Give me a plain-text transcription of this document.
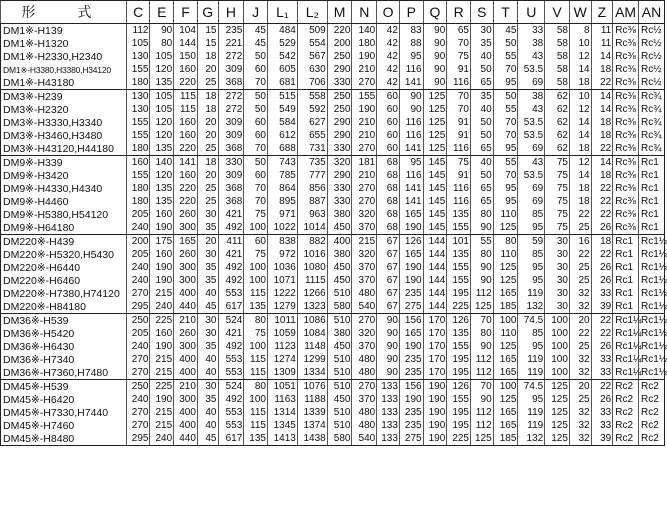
形　式	C	E	F	G	H	J	L₁	L₂	M	N	O	P	Q	R	S	T	U	V	W	Z	AM	AN
DM1※-H139	112	90	104	15	235	45	484	509	220	140	42	83	90	65	30	45	33	58	8	11	Rc⅜	Rc½
DM1※-H1320	105	80	144	15	221	45	529	554	200	180	42	88	90	70	35	50	38	58	10	11	Rc⅜	Rc½
DM1※-H2330,H2340	130	105	150	18	272	50	542	567	250	190	42	95	90	75	40	55	43	58	12	14	Rc⅜	Rc½
DM1※-H3380,H3380,H34120	155	120	160	20	309	60	605	630	290	210	42	116	90	91	50	70	53.5	58	14	18	Rc⅜	Rc½
DM1※-H43180	180	135	220	25	368	70	681	706	330	270	42	141	90	116	65	95	69	58	18	22	Rc⅜	Rc½
DM3※-H239	130	105	115	18	272	50	515	558	250	155	60	90	125	70	35	50	38	62	10	14	Rc⅜	Rc¾
DM3※-H2320	130	105	115	18	272	50	549	592	250	190	60	90	125	70	40	55	43	62	12	14	Rc⅜	Rc¾
DM3※-H3330,H3340	155	120	160	20	309	60	584	627	290	210	60	116	125	91	50	70	53.5	62	14	18	Rc⅜	Rc¾
DM3※-H3460,H3480	155	120	160	20	309	60	612	655	290	210	60	116	125	91	50	70	53.5	62	14	18	Rc⅜	Rc¾
DM3※-H43120,H44180	180	135	220	25	368	70	688	731	330	270	60	141	125	116	65	95	69	62	18	22	Rc⅜	Rc¾
DM9※-H339	160	140	141	18	330	50	743	735	320	181	68	95	145	75	40	55	43	75	12	14	Rc⅜	Rc1
DM9※-H3420	155	120	160	20	309	60	785	777	290	210	68	116	145	91	50	70	53.5	75	14	18	Rc⅜	Rc1
DM9※-H4330,H4340	180	135	220	25	368	70	864	856	330	270	68	141	145	116	65	95	69	75	18	22	Rc⅜	Rc1
DM9※-H4460	180	135	220	25	368	70	895	887	330	270	68	141	145	116	65	95	69	75	18	22	Rc⅜	Rc1
DM9※-H5380,H54120	205	160	260	30	421	75	971	963	380	320	68	165	145	135	80	110	85	75	22	22	Rc⅜	Rc1
DM9※-H64180	240	190	300	35	492	100	1022	1014	450	370	68	190	145	155	90	125	95	75	25	26	Rc⅜	Rc1
DM220※-H439	200	175	165	20	411	60	838	882	400	215	67	126	144	101	55	80	59	30	16	18	Rc1	Rc1½
DM220※-H5320,H5430	205	160	260	30	421	75	972	1016	380	320	67	165	144	135	80	110	85	30	22	22	Rc1	Rc1½
DM220※-H6440	240	190	300	35	492	100	1036	1080	450	370	67	190	144	155	90	125	95	30	25	26	Rc1	Rc1½
DM220※-H6460	240	190	300	35	492	100	1071	1115	450	370	67	190	144	155	90	125	95	30	25	26	Rc1	Rc1½
DM220※-H7380,H74120	270	215	400	40	553	115	1222	1266	510	480	67	235	144	195	112	165	119	30	32	33	Rc1	Rc1½
DM220※-H84180	295	240	440	45	617	135	1279	1323	580	540	67	275	144	225	125	185	132	30	32	39	Rc1	Rc1½
DM36※-H539	250	225	210	30	524	80	1011	1086	510	270	90	156	170	126	70	100	74.5	100	20	22	Rc1¼	Rc1½
DM36※-H5420	205	160	260	30	421	75	1059	1084	380	320	90	165	170	135	80	110	85	100	22	22	Rc1¼	Rc1½
DM36※-H6430	240	190	300	35	492	100	1123	1148	450	370	90	190	170	155	90	125	95	100	25	26	Rc1¼	Rc1½
DM36※-H7340	270	215	400	40	553	115	1274	1299	510	480	90	235	170	195	112	165	119	100	32	33	Rc1¼	Rc1½
DM36※-H7360,H7480	270	215	400	40	553	115	1309	1334	510	480	90	235	170	195	112	165	119	100	32	33	Rc1¼	Rc1½
DM45※-H539	250	225	210	30	524	80	1051	1076	510	270	133	156	190	126	70	100	74.5	125	20	22	Rc2	Rc2
DM45※-H6420	240	190	300	35	492	100	1163	1188	450	370	133	190	190	155	90	125	95	125	25	26	Rc2	Rc2
DM45※-H7330,H7440	270	215	400	40	553	115	1314	1339	510	480	133	235	190	195	112	165	119	125	32	33	Rc2	Rc2
DM45※-H7460	270	215	400	40	553	115	1345	1374	510	480	133	235	190	195	112	165	119	125	32	33	Rc2	Rc2
DM45※-H8480	295	240	440	45	617	135	1413	1438	580	540	133	275	190	225	125	185	132	125	32	39	Rc2	Rc2
